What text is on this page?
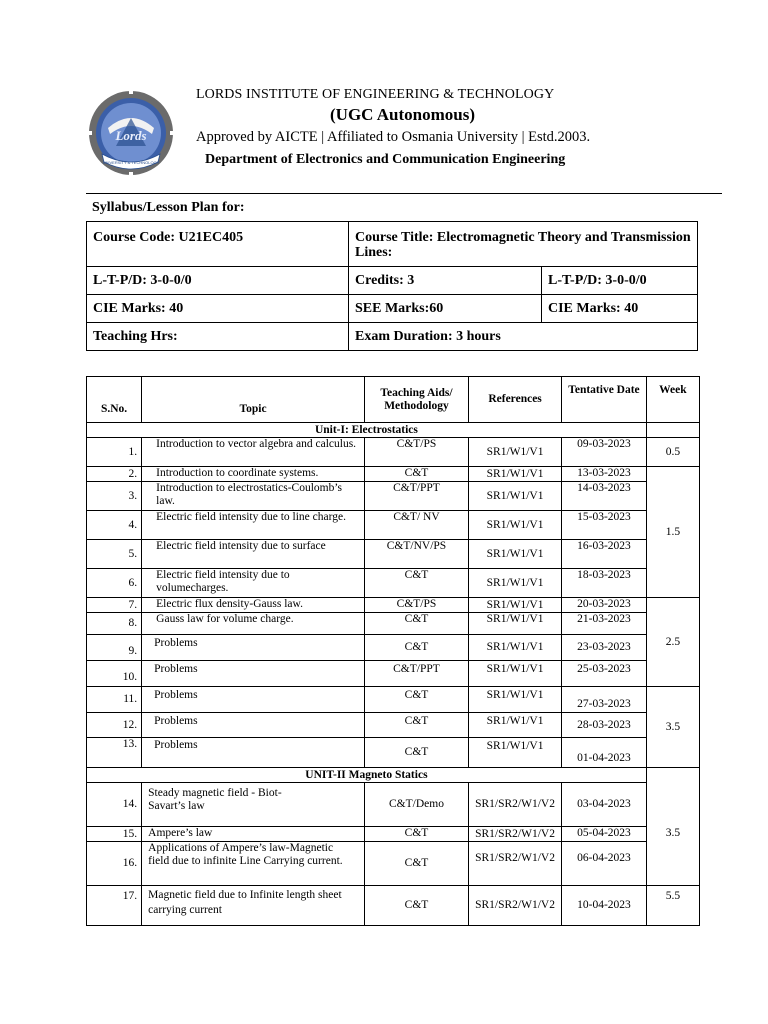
Lords
UNIVERSITY & TECHNOLOGY
LORDS INSTITUTE OF ENGINEERING & TECHNOLOGY
(UGC Autonomous)
Approved by AICTE | Affiliated to Osmania University | Estd.2003.
Department of Electronics and Communication Engineering
Syllabus/Lesson Plan for:
Course Code: U21EC405	Course Title: Electromagnetic Theory and Transmission Lines:	
L-T-P/D: 3-0-0/0	Credits: 3	L-T-P/D: 3-0-0/0
CIE Marks: 40	SEE Marks:60	CIE Marks: 40
Teaching Hrs:	Exam Duration: 3 hours	
S.No.	Topic	Teaching Aids/ Methodology	References	Tentative Date	Week
Unit-I: Electrostatics					
1.	Introduction to vector algebra and calculus.	C&T/PS	SR1/W1/V1	09-03-2023	0.5
2.	Introduction to coordinate systems.	C&T	SR1/W1/V1	13-03-2023	1.5
3.	Introduction to electrostatics-Coulomb’s law.	C&T/PPT	SR1/W1/V1	14-03-2023	
4.	Electric field intensity due to line charge.	C&T/ NV	SR1/W1/V1	15-03-2023	
5.	Electric field intensity due to surface	C&T/NV/PS	SR1/W1/V1	16-03-2023	
6.	Electric field intensity due to volumecharges.	C&T	SR1/W1/V1	18-03-2023	
7.	Electric flux density-Gauss law.	C&T/PS	SR1/W1/V1	20-03-2023	2.5
8.	Gauss law for volume charge.	C&T	SR1/W1/V1	21-03-2023	
9.	Problems	C&T	SR1/W1/V1	23-03-2023	
10.	Problems	C&T/PPT	SR1/W1/V1	25-03-2023	
11.	Problems	C&T	SR1/W1/V1	27-03-2023	3.5
12.	Problems	C&T	SR1/W1/V1	28-03-2023	
13.	Problems	C&T	SR1/W1/V1	01-04-2023	
UNIT-II Magneto Statics					
14.	Steady magnetic field - Biot-Savart’s law	C&T/Demo	SR1/SR2/W1/V2	03-04-2023	3.5
15.	Ampere’s law	C&T	SR1/SR2/W1/V2	05-04-2023	
16.	Applications of Ampere’s law-Magnetic field due to infinite Line Carrying current.	C&T	SR1/SR2/W1/V2	06-04-2023	
17.	Magnetic field due to Infinite length sheet carrying current	C&T	SR1/SR2/W1/V2	10-04-2023	5.5
